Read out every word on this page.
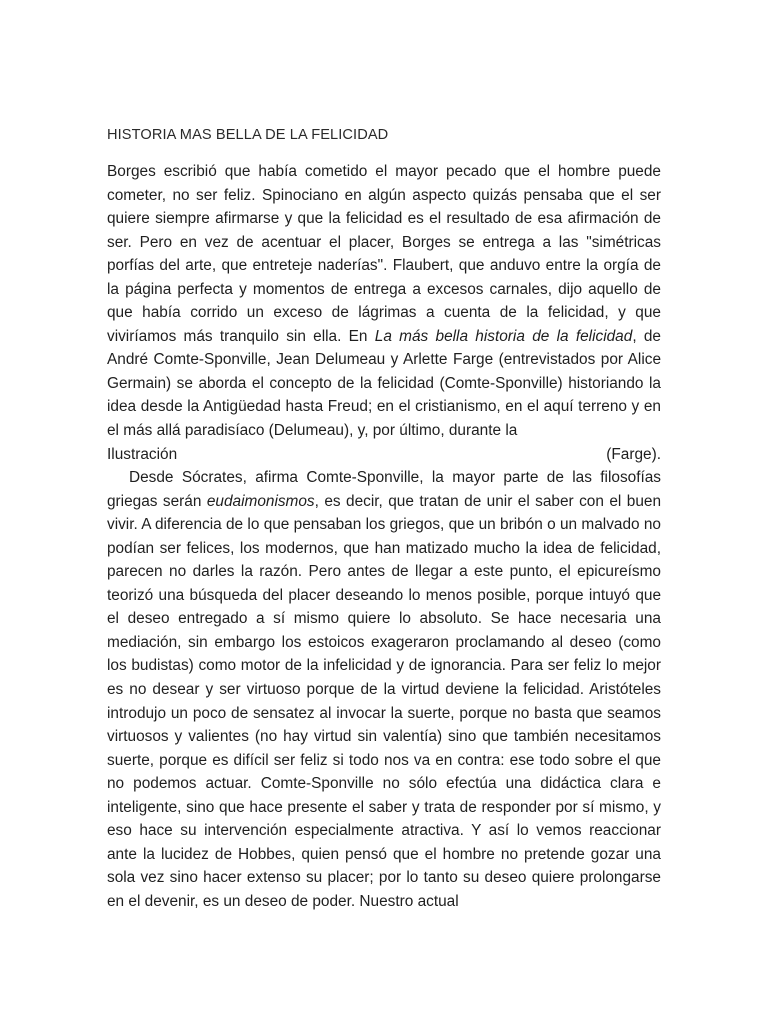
HISTORIA MAS BELLA DE LA FELICIDAD

Borges escribió que había cometido el mayor pecado que el hombre puede cometer, no ser feliz. Spinociano en algún aspecto quizás pensaba que el ser quiere siempre afirmarse y que la felicidad es el resultado de esa afirmación de ser. Pero en vez de acentuar el placer, Borges se entrega a las "simétricas porfías del arte, que entreteje naderías". Flaubert, que anduvo entre la orgía de la página perfecta y momentos de entrega a excesos carnales, dijo aquello de que había corrido un exceso de lágrimas a cuenta de la felicidad, y que viviríamos más tranquilo sin ella. En La más bella historia de la felicidad, de André Comte-Sponville, Jean Delumeau y Arlette Farge (entrevistados por Alice Germain) se aborda el concepto de la felicidad (Comte-Sponville) historiando la idea desde la Antigüedad hasta Freud; en el cristianismo, en el aquí terreno y en el más allá paradisíaco (Delumeau), y, por último, durante la
Ilustración (Farge).

Desde Sócrates, afirma Comte-Sponville, la mayor parte de las filosofías griegas serán eudaimonismos, es decir, que tratan de unir el saber con el buen vivir. A diferencia de lo que pensaban los griegos, que un bribón o un malvado no podían ser felices, los modernos, que han matizado mucho la idea de felicidad, parecen no darles la razón. Pero antes de llegar a este punto, el epicureísmo teorizó una búsqueda del placer deseando lo menos posible, porque intuyó que el deseo entregado a sí mismo quiere lo absoluto. Se hace necesaria una mediación, sin embargo los estoicos exageraron proclamando al deseo (como los budistas) como motor de la infelicidad y de ignorancia. Para ser feliz lo mejor es no desear y ser virtuoso porque de la virtud deviene la felicidad. Aristóteles introdujo un poco de sensatez al invocar la suerte, porque no basta que seamos virtuosos y valientes (no hay virtud sin valentía) sino que también necesitamos suerte, porque es difícil ser feliz si todo nos va en contra: ese todo sobre el que no podemos actuar. Comte-Sponville no sólo efectúa una didáctica clara e inteligente, sino que hace presente el saber y trata de responder por sí mismo, y eso hace su intervención especialmente atractiva. Y así lo vemos reaccionar ante la lucidez de Hobbes, quien pensó que el hombre no pretende gozar una sola vez sino hacer extenso su placer; por lo tanto su deseo quiere prolongarse en el devenir, es un deseo de poder. Nuestro actual
